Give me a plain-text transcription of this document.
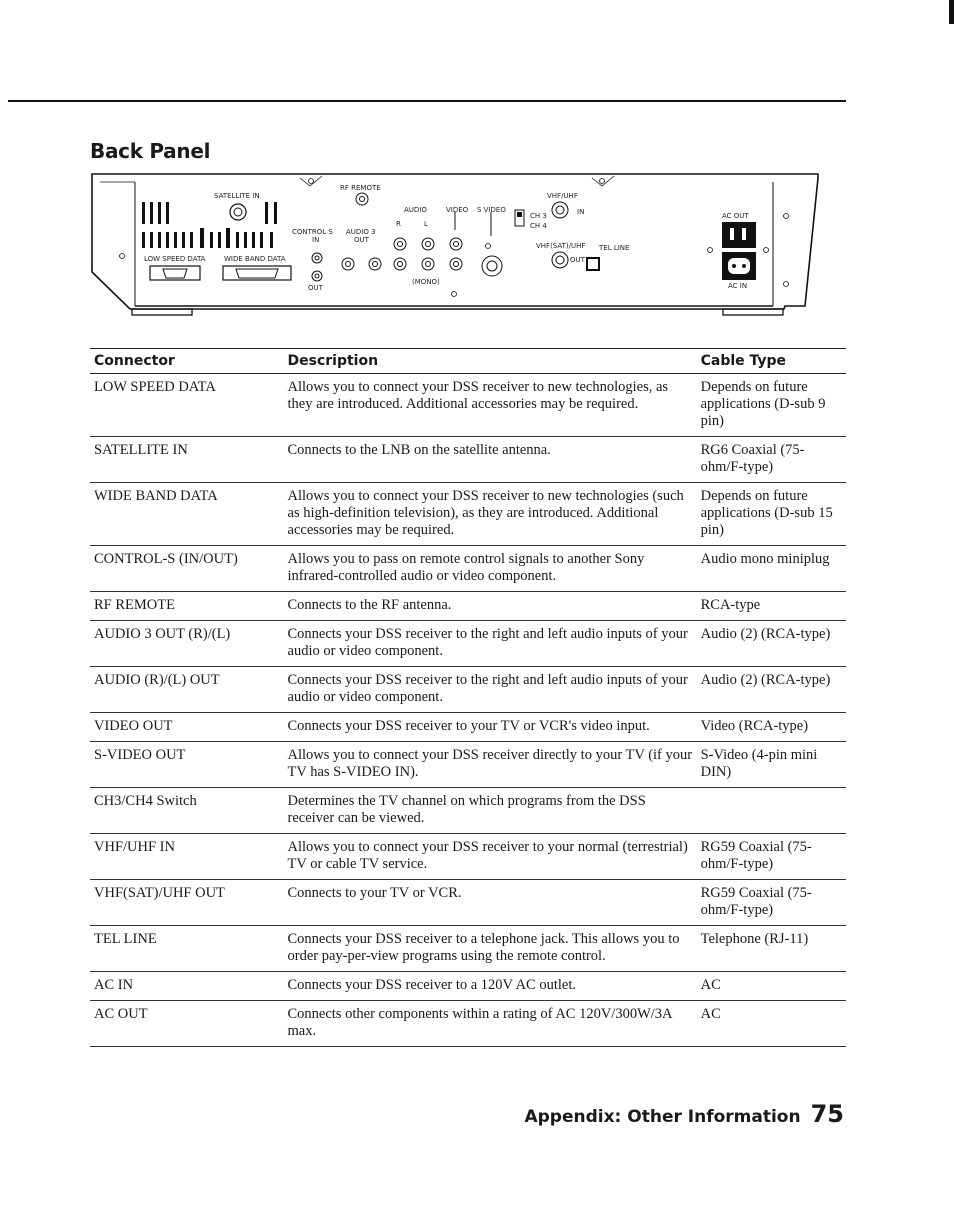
Back Panel
SATELLITE IN
RF REMOTE
AUDIO	VIDEO S VIDEO
VHF/UHF
AC OUT
CH 3
CH 4
IN
CONTROL S
IN
AUDIO 3
OUT
R	L
VHF(SAT)/UHF TEL LINE
OUT
LOW SPEED DATA	WIDE BAND DATA
(MONO)
OUT	AC IN
Connector	Description	Cable Type
LOW SPEED DATA	Allows you to connect your DSS receiver to new technologies, as they are introduced. Additional accessories may be required.	Depends on future applications (D-sub 9 pin)
SATELLITE IN	Connects to the LNB on the satellite antenna.	RG6 Coaxial (75-ohm/F-type)
WIDE BAND DATA	Allows you to connect your DSS receiver to new technologies (such as high-definition television), as they are introduced. Additional accessories may be required.	Depends on future applications (D-sub 15 pin)
CONTROL-S (IN/OUT)	Allows you to pass on remote control signals to another Sony infrared-controlled audio or video component.	Audio mono miniplug
RF REMOTE	Connects to the RF antenna.	RCA-type
AUDIO 3 OUT (R)/(L)	Connects your DSS receiver to the right and left audio inputs of your audio or video component.	Audio (2) (RCA-type)
AUDIO (R)/(L) OUT	Connects your DSS receiver to the right and left audio inputs of your audio or video component.	Audio (2) (RCA-type)
VIDEO OUT	Connects your DSS receiver to your TV or VCR's video input.	Video (RCA-type)
S-VIDEO OUT	Allows you to connect your DSS receiver directly to your TV (if your TV has S-VIDEO IN).	S-Video (4-pin mini DIN)
CH3/CH4 Switch	Determines the TV channel on which programs from the DSS receiver can be viewed.	
VHF/UHF IN	Allows you to connect your DSS receiver to your normal (terrestrial) TV or cable TV service.	RG59 Coaxial (75-ohm/F-type)
VHF(SAT)/UHF OUT	Connects to your TV or VCR.	RG59 Coaxial (75-ohm/F-type)
TEL LINE	Connects your DSS receiver to a telephone jack. This allows you to order pay-per-view programs using the remote control.	Telephone (RJ-11)
AC IN	Connects your DSS receiver to a 120V AC outlet.	AC
AC OUT	Connects other components within a rating of AC 120V/300W/3A max.	AC
Appendix: Other Information 75
